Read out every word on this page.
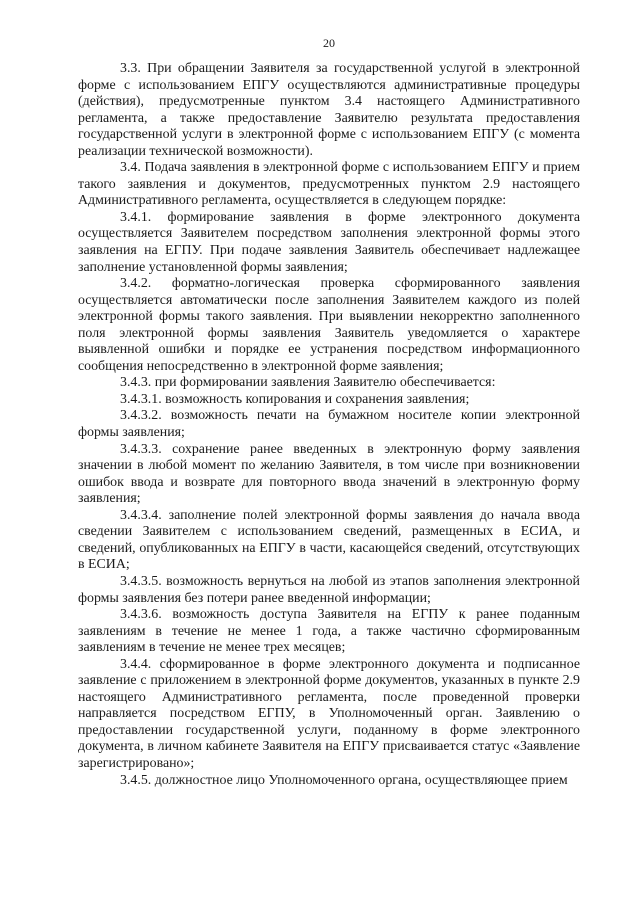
20

3.3. При обращении Заявителя за государственной услугой в электронной форме с использованием ЕПГУ осуществляются административные процедуры (действия), предусмотренные пунктом 3.4 настоящего Административного регламента, а также предоставление Заявителю результата предоставления государственной услуги в электронной форме с использованием ЕПГУ (с момента реализации технической возможности).

3.4. Подача заявления в электронной форме с использованием ЕПГУ и прием такого заявления и документов, предусмотренных пунктом 2.9 настоящего Административного регламента, осуществляется в следующем порядке:

3.4.1. формирование заявления в форме электронного документа осуществляется Заявителем посредством заполнения электронной формы этого заявления на ЕГПУ. При подаче заявления Заявитель обеспечивает надлежащее заполнение установленной формы заявления;

3.4.2. форматно-логическая проверка сформированного заявления осуществляется автоматически после заполнения Заявителем каждого из полей электронной формы такого заявления. При выявлении некорректно заполненного поля электронной формы заявления Заявитель уведомляется о характере выявленной ошибки и порядке ее устранения посредством информационного сообщения непосредственно в электронной форме заявления;

3.4.3. при формировании заявления Заявителю обеспечивается:

3.4.3.1. возможность копирования и сохранения заявления;

3.4.3.2. возможность печати на бумажном носителе копии электронной формы заявления;

3.4.3.3. сохранение ранее введенных в электронную форму заявления значении в любой момент по желанию Заявителя, в том числе при возникновении ошибок ввода и возврате для повторного ввода значений в электронную форму заявления;

3.4.3.4. заполнение полей электронной формы заявления до начала ввода сведении Заявителем с использованием сведений, размещенных в ЕСИА, и сведений, опубликованных на ЕПГУ в части, касающейся сведений, отсутствующих в ЕСИА;

3.4.3.5. возможность вернуться на любой из этапов заполнения электронной формы заявления без потери ранее введенной информации;

3.4.3.6. возможность доступа Заявителя на ЕГПУ к ранее поданным заявлениям в течение не менее 1 года, а также частично сформированным заявлениям в течение не менее трех месяцев;

3.4.4. сформированное в форме электронного документа и подписанное заявление с приложением в электронной форме документов, указанных в пункте 2.9 настоящего Административного регламента, после проведенной проверки направляется посредством ЕГПУ, в Уполномоченный орган. Заявлению о предоставлении государственной услуги, поданному в форме электронного документа, в личном кабинете Заявителя на ЕПГУ присваивается статус «Заявление зарегистрировано»;

3.4.5. должностное лицо Уполномоченного органа, осуществляющее прием
